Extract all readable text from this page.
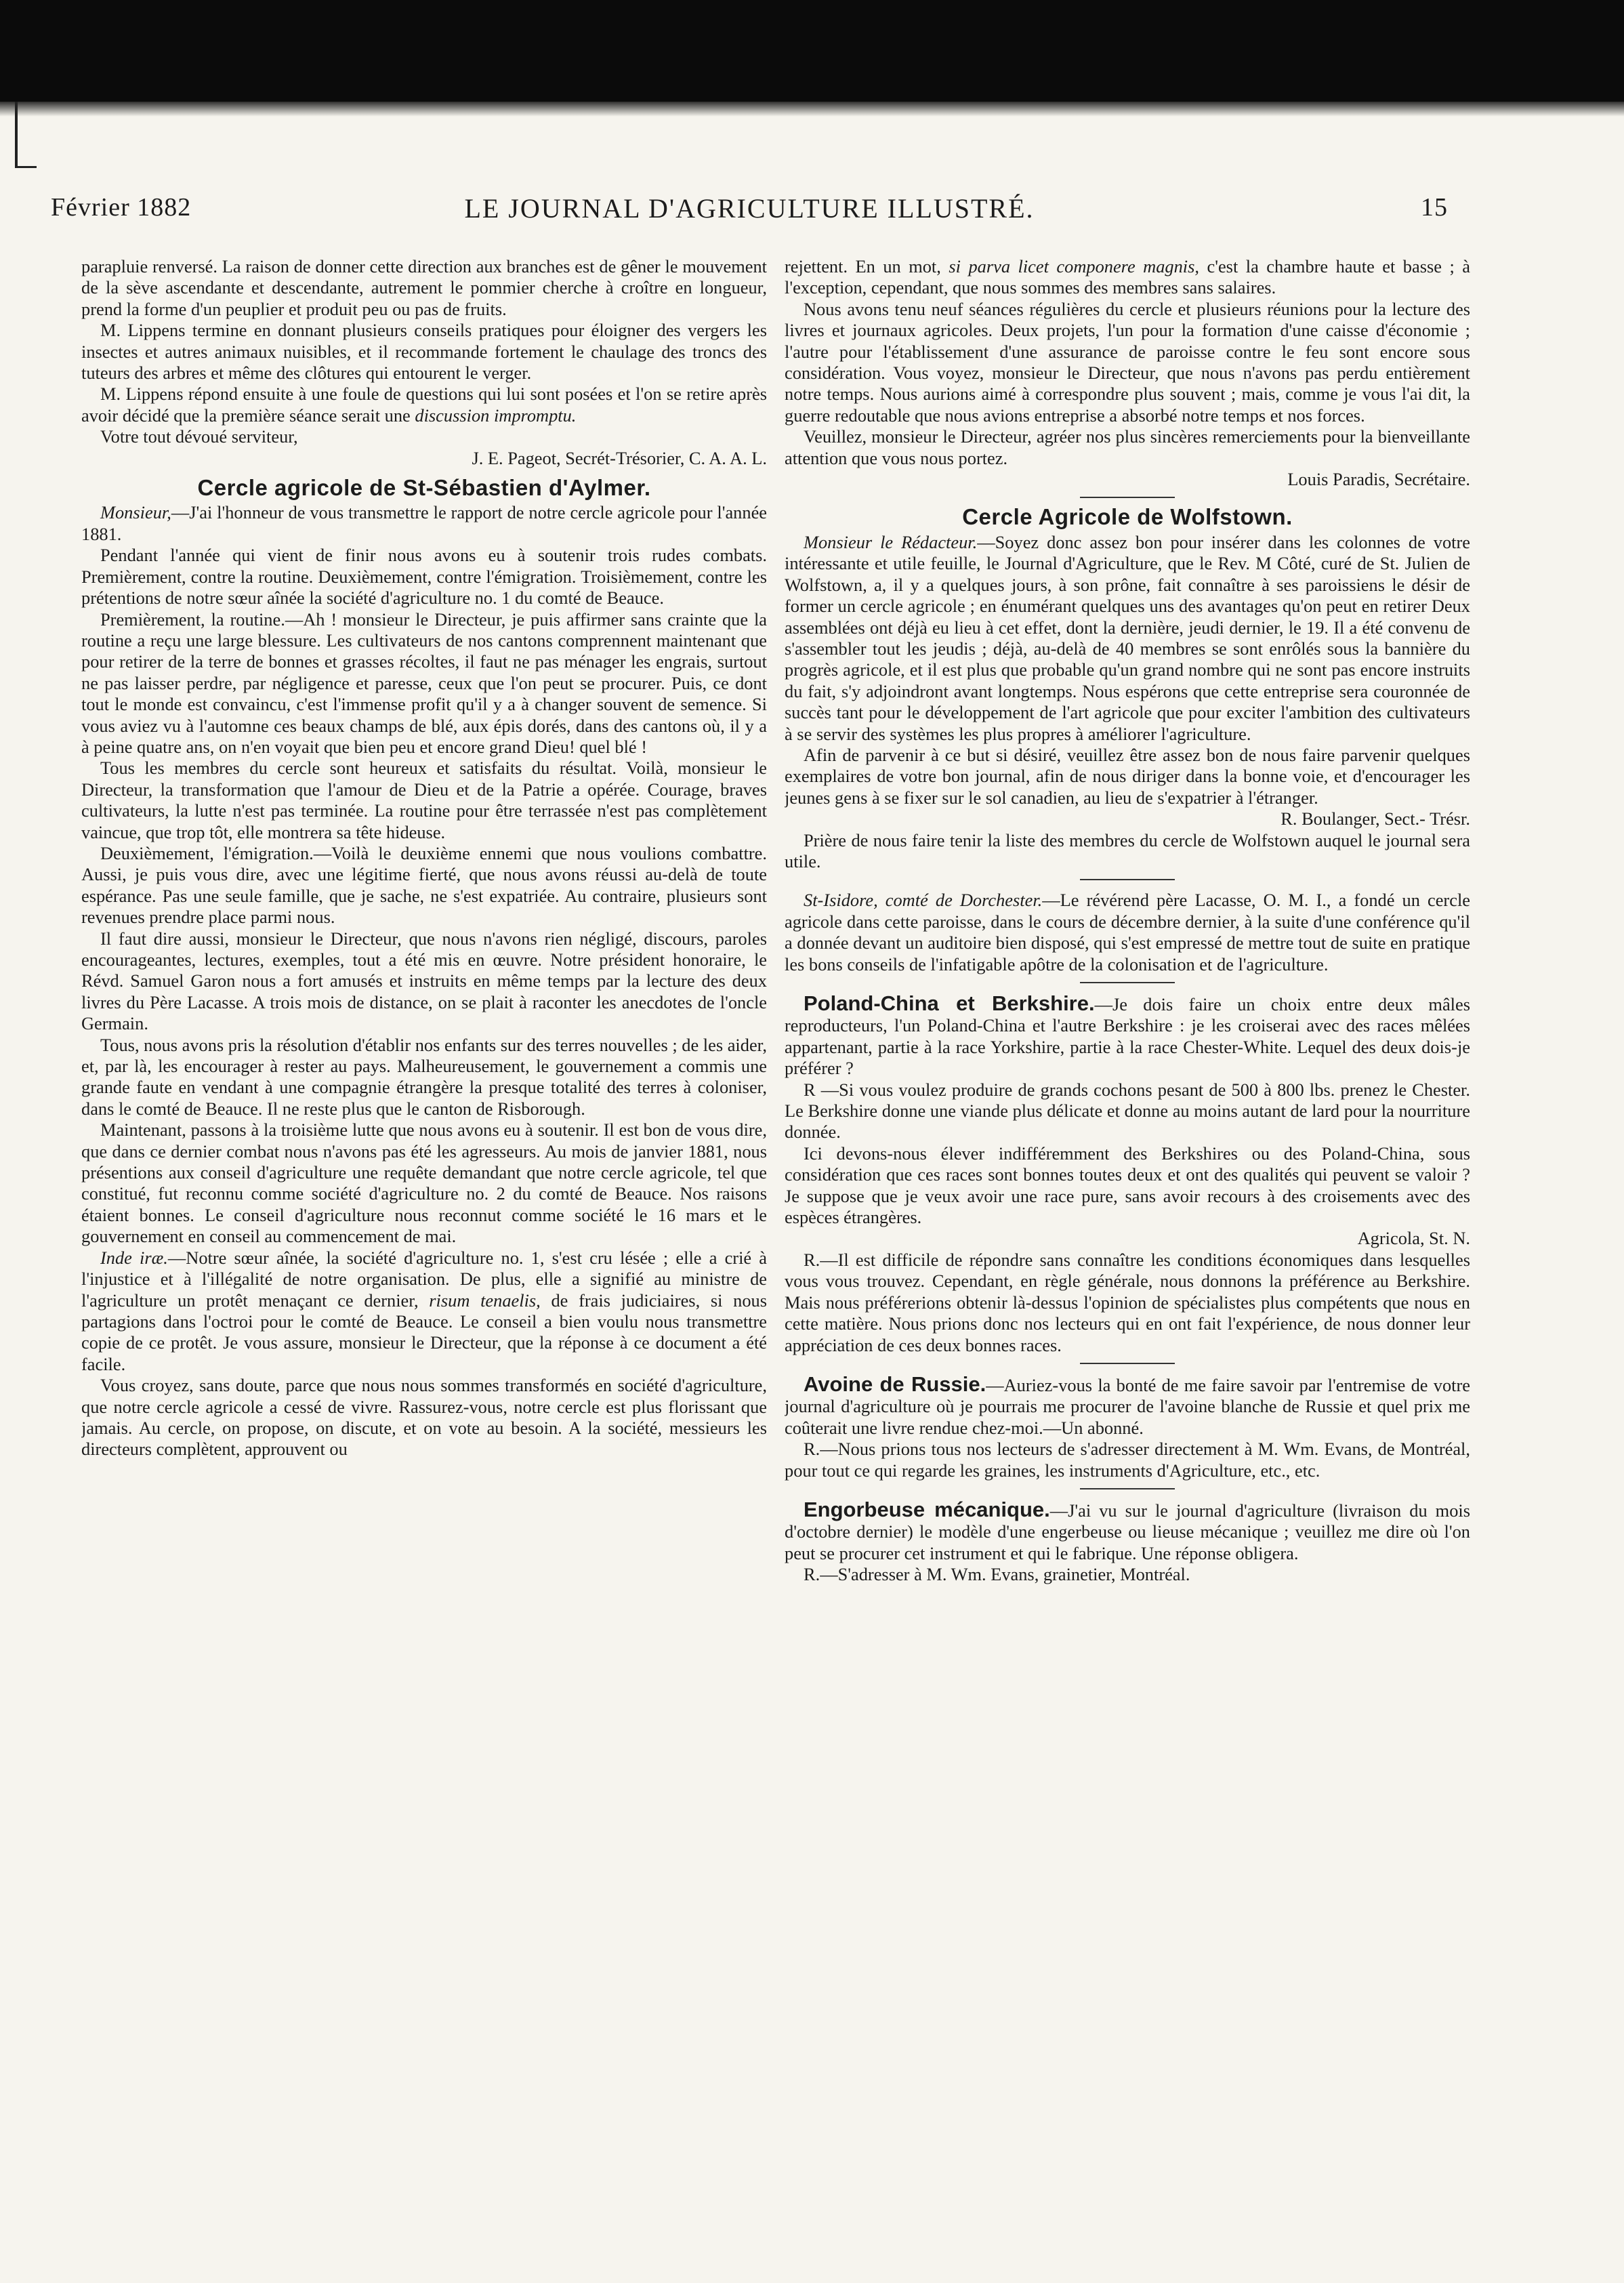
LE JOURNAL D'AGRICULTURE ILLUSTRÉ.
Février 1882	15

parapluie renversé. La raison de donner cette direction aux branches est de gêner le mouvement de la sève ascendante et descendante, autrement le pommier cherche à croître en longueur, prend la forme d'un peuplier et produit peu ou pas de fruits.

M. Lippens termine en donnant plusieurs conseils pratiques pour éloigner des vergers les insectes et autres animaux nuisibles, et il recommande fortement le chaulage des troncs des tuteurs des arbres et même des clôtures qui entourent le verger.

M. Lippens répond ensuite à une foule de questions qui lui sont posées et l'on se retire après avoir décidé que la première séance serait une discussion impromptu.

Votre tout dévoué serviteur,

J. E. Pageot, Secrét-Trésorier, C. A. A. L.

Cercle agricole de St-Sébastien d'Aylmer.

Monsieur,—J'ai l'honneur de vous transmettre le rapport de notre cercle agricole pour l'année 1881.

Pendant l'année qui vient de finir nous avons eu à soutenir trois rudes combats. Premièrement, contre la routine. Deuxièmement, contre l'émigration. Troisièmement, contre les prétentions de notre sœur aînée la société d'agriculture no. 1 du comté de Beauce.

Premièrement, la routine.—Ah ! monsieur le Directeur, je puis affirmer sans crainte que la routine a reçu une large blessure. Les cultivateurs de nos cantons comprennent maintenant que pour retirer de la terre de bonnes et grasses récoltes, il faut ne pas ménager les engrais, surtout ne pas laisser perdre, par négligence et paresse, ceux que l'on peut se procurer. Puis, ce dont tout le monde est convaincu, c'est l'immense profit qu'il y a à changer souvent de semence. Si vous aviez vu à l'automne ces beaux champs de blé, aux épis dorés, dans des cantons où, il y a à peine quatre ans, on n'en voyait que bien peu et encore grand Dieu! quel blé !

Tous les membres du cercle sont heureux et satisfaits du résultat. Voilà, monsieur le Directeur, la transformation que l'amour de Dieu et de la Patrie a opérée. Courage, braves cultivateurs, la lutte n'est pas terminée. La routine pour être terrassée n'est pas complètement vaincue, que trop tôt, elle montrera sa tête hideuse.

Deuxièmement, l'émigration.—Voilà le deuxième ennemi que nous voulions combattre. Aussi, je puis vous dire, avec une légitime fierté, que nous avons réussi au-delà de toute espérance. Pas une seule famille, que je sache, ne s'est expatriée. Au contraire, plusieurs sont revenues prendre place parmi nous.

Il faut dire aussi, monsieur le Directeur, que nous n'avons rien négligé, discours, paroles encourageantes, lectures, exemples, tout a été mis en œuvre. Notre président honoraire, le Révd. Samuel Garon nous a fort amusés et instruits en même temps par la lecture des deux livres du Père Lacasse. A trois mois de distance, on se plait à raconter les anecdotes de l'oncle Germain.

Tous, nous avons pris la résolution d'établir nos enfants sur des terres nouvelles ; de les aider, et, par là, les encourager à rester au pays. Malheureusement, le gouvernement a commis une grande faute en vendant à une compagnie étrangère la presque totalité des terres à coloniser, dans le comté de Beauce. Il ne reste plus que le canton de Risborough.

Maintenant, passons à la troisième lutte que nous avons eu à soutenir. Il est bon de vous dire, que dans ce dernier combat nous n'avons pas été les agresseurs. Au mois de janvier 1881, nous présentions aux conseil d'agriculture une requête demandant que notre cercle agricole, tel que constitué, fut reconnu comme société d'agriculture no. 2 du comté de Beauce. Nos raisons étaient bonnes. Le conseil d'agriculture nous reconnut comme société le 16 mars et le gouvernement en conseil au commencement de mai.

Inde iræ.—Notre sœur aînée, la société d'agriculture no. 1, s'est cru lésée ; elle a crié à l'injustice et à l'illégalité de notre organisation. De plus, elle a signifié au ministre de l'agriculture un protêt menaçant ce dernier, risum tenaelis, de frais judiciaires, si nous partagions dans l'octroi pour le comté de Beauce. Le conseil a bien voulu nous transmettre copie de ce protêt. Je vous assure, monsieur le Directeur, que la réponse à ce document a été facile.

Vous croyez, sans doute, parce que nous nous sommes transformés en société d'agriculture, que notre cercle agricole a cessé de vivre. Rassurez-vous, notre cercle est plus florissant que jamais. Au cercle, on propose, on discute, et on vote au besoin. A la société, messieurs les directeurs complètent, approuvent ou

rejettent. En un mot, si parva licet componere magnis, c'est la chambre haute et basse ; à l'exception, cependant, que nous sommes des membres sans salaires.

Nous avons tenu neuf séances régulières du cercle et plusieurs réunions pour la lecture des livres et journaux agricoles. Deux projets, l'un pour la formation d'une caisse d'économie ; l'autre pour l'établissement d'une assurance de paroisse contre le feu sont encore sous considération. Vous voyez, monsieur le Directeur, que nous n'avons pas perdu entièrement notre temps. Nous aurions aimé à correspondre plus souvent ; mais, comme je vous l'ai dit, la guerre redoutable que nous avions entreprise a absorbé notre temps et nos forces.

Veuillez, monsieur le Directeur, agréer nos plus sincères remerciements pour la bienveillante attention que vous nous portez.

Louis Paradis, Secrétaire.

Cercle Agricole de Wolfstown.

Monsieur le Rédacteur.—Soyez donc assez bon pour insérer dans les colonnes de votre intéressante et utile feuille, le Journal d'Agriculture, que le Rev. M Côté, curé de St. Julien de Wolfstown, a, il y a quelques jours, à son prône, fait connaître à ses paroissiens le désir de former un cercle agricole ; en énumérant quelques uns des avantages qu'on peut en retirer Deux assemblées ont déjà eu lieu à cet effet, dont la dernière, jeudi dernier, le 19. Il a été convenu de s'assembler tout les jeudis ; déjà, au-delà de 40 membres se sont enrôlés sous la bannière du progrès agricole, et il est plus que probable qu'un grand nombre qui ne sont pas encore instruits du fait, s'y adjoindront avant longtemps. Nous espérons que cette entreprise sera couronnée de succès tant pour le développement de l'art agricole que pour exciter l'ambition des cultivateurs à se servir des systèmes les plus propres à améliorer l'agriculture.

Afin de parvenir à ce but si désiré, veuillez être assez bon de nous faire parvenir quelques exemplaires de votre bon journal, afin de nous diriger dans la bonne voie, et d'encourager les jeunes gens à se fixer sur le sol canadien, au lieu de s'expatrier à l'étranger.

R. Boulanger, Sect.- Trésr.

Prière de nous faire tenir la liste des membres du cercle de Wolfstown auquel le journal sera utile.

St-Isidore, comté de Dorchester.—Le révérend père Lacasse, O. M. I., a fondé un cercle agricole dans cette paroisse, dans le cours de décembre dernier, à la suite d'une conférence qu'il a donnée devant un auditoire bien disposé, qui s'est empressé de mettre tout de suite en pratique les bons conseils de l'infatigable apôtre de la colonisation et de l'agriculture.

Poland-China et Berkshire.—Je dois faire un choix entre deux mâles reproducteurs, l'un Poland-China et l'autre Berkshire : je les croiserai avec des races mêlées appartenant, partie à la race Yorkshire, partie à la race Chester-White. Lequel des deux dois-je préférer ?

R —Si vous voulez produire de grands cochons pesant de 500 à 800 lbs. prenez le Chester. Le Berkshire donne une viande plus délicate et donne au moins autant de lard pour la nourriture donnée.

Ici devons-nous élever indifféremment des Berkshires ou des Poland-China, sous considération que ces races sont bonnes toutes deux et ont des qualités qui peuvent se valoir ? Je suppose que je veux avoir une race pure, sans avoir recours à des croisements avec des espèces étrangères.

Agricola, St. N.

R.—Il est difficile de répondre sans connaître les conditions économiques dans lesquelles vous vous trouvez. Cependant, en règle générale, nous donnons la préférence au Berkshire. Mais nous préférerions obtenir là-dessus l'opinion de spécialistes plus compétents que nous en cette matière. Nous prions donc nos lecteurs qui en ont fait l'expérience, de nous donner leur appréciation de ces deux bonnes races.

Avoine de Russie.—Auriez-vous la bonté de me faire savoir par l'entremise de votre journal d'agriculture où je pourrais me procurer de l'avoine blanche de Russie et quel prix me coûterait une livre rendue chez-moi.—Un abonné.

R.—Nous prions tous nos lecteurs de s'adresser directement à M. Wm. Evans, de Montréal, pour tout ce qui regarde les graines, les instruments d'Agriculture, etc., etc.

Engorbeuse mécanique.—J'ai vu sur le journal d'agriculture (livraison du mois d'octobre dernier) le modèle d'une engerbeuse ou lieuse mécanique ; veuillez me dire où l'on peut se procurer cet instrument et qui le fabrique. Une réponse obligera.

R.—S'adresser à M. Wm. Evans, grainetier, Montréal.
